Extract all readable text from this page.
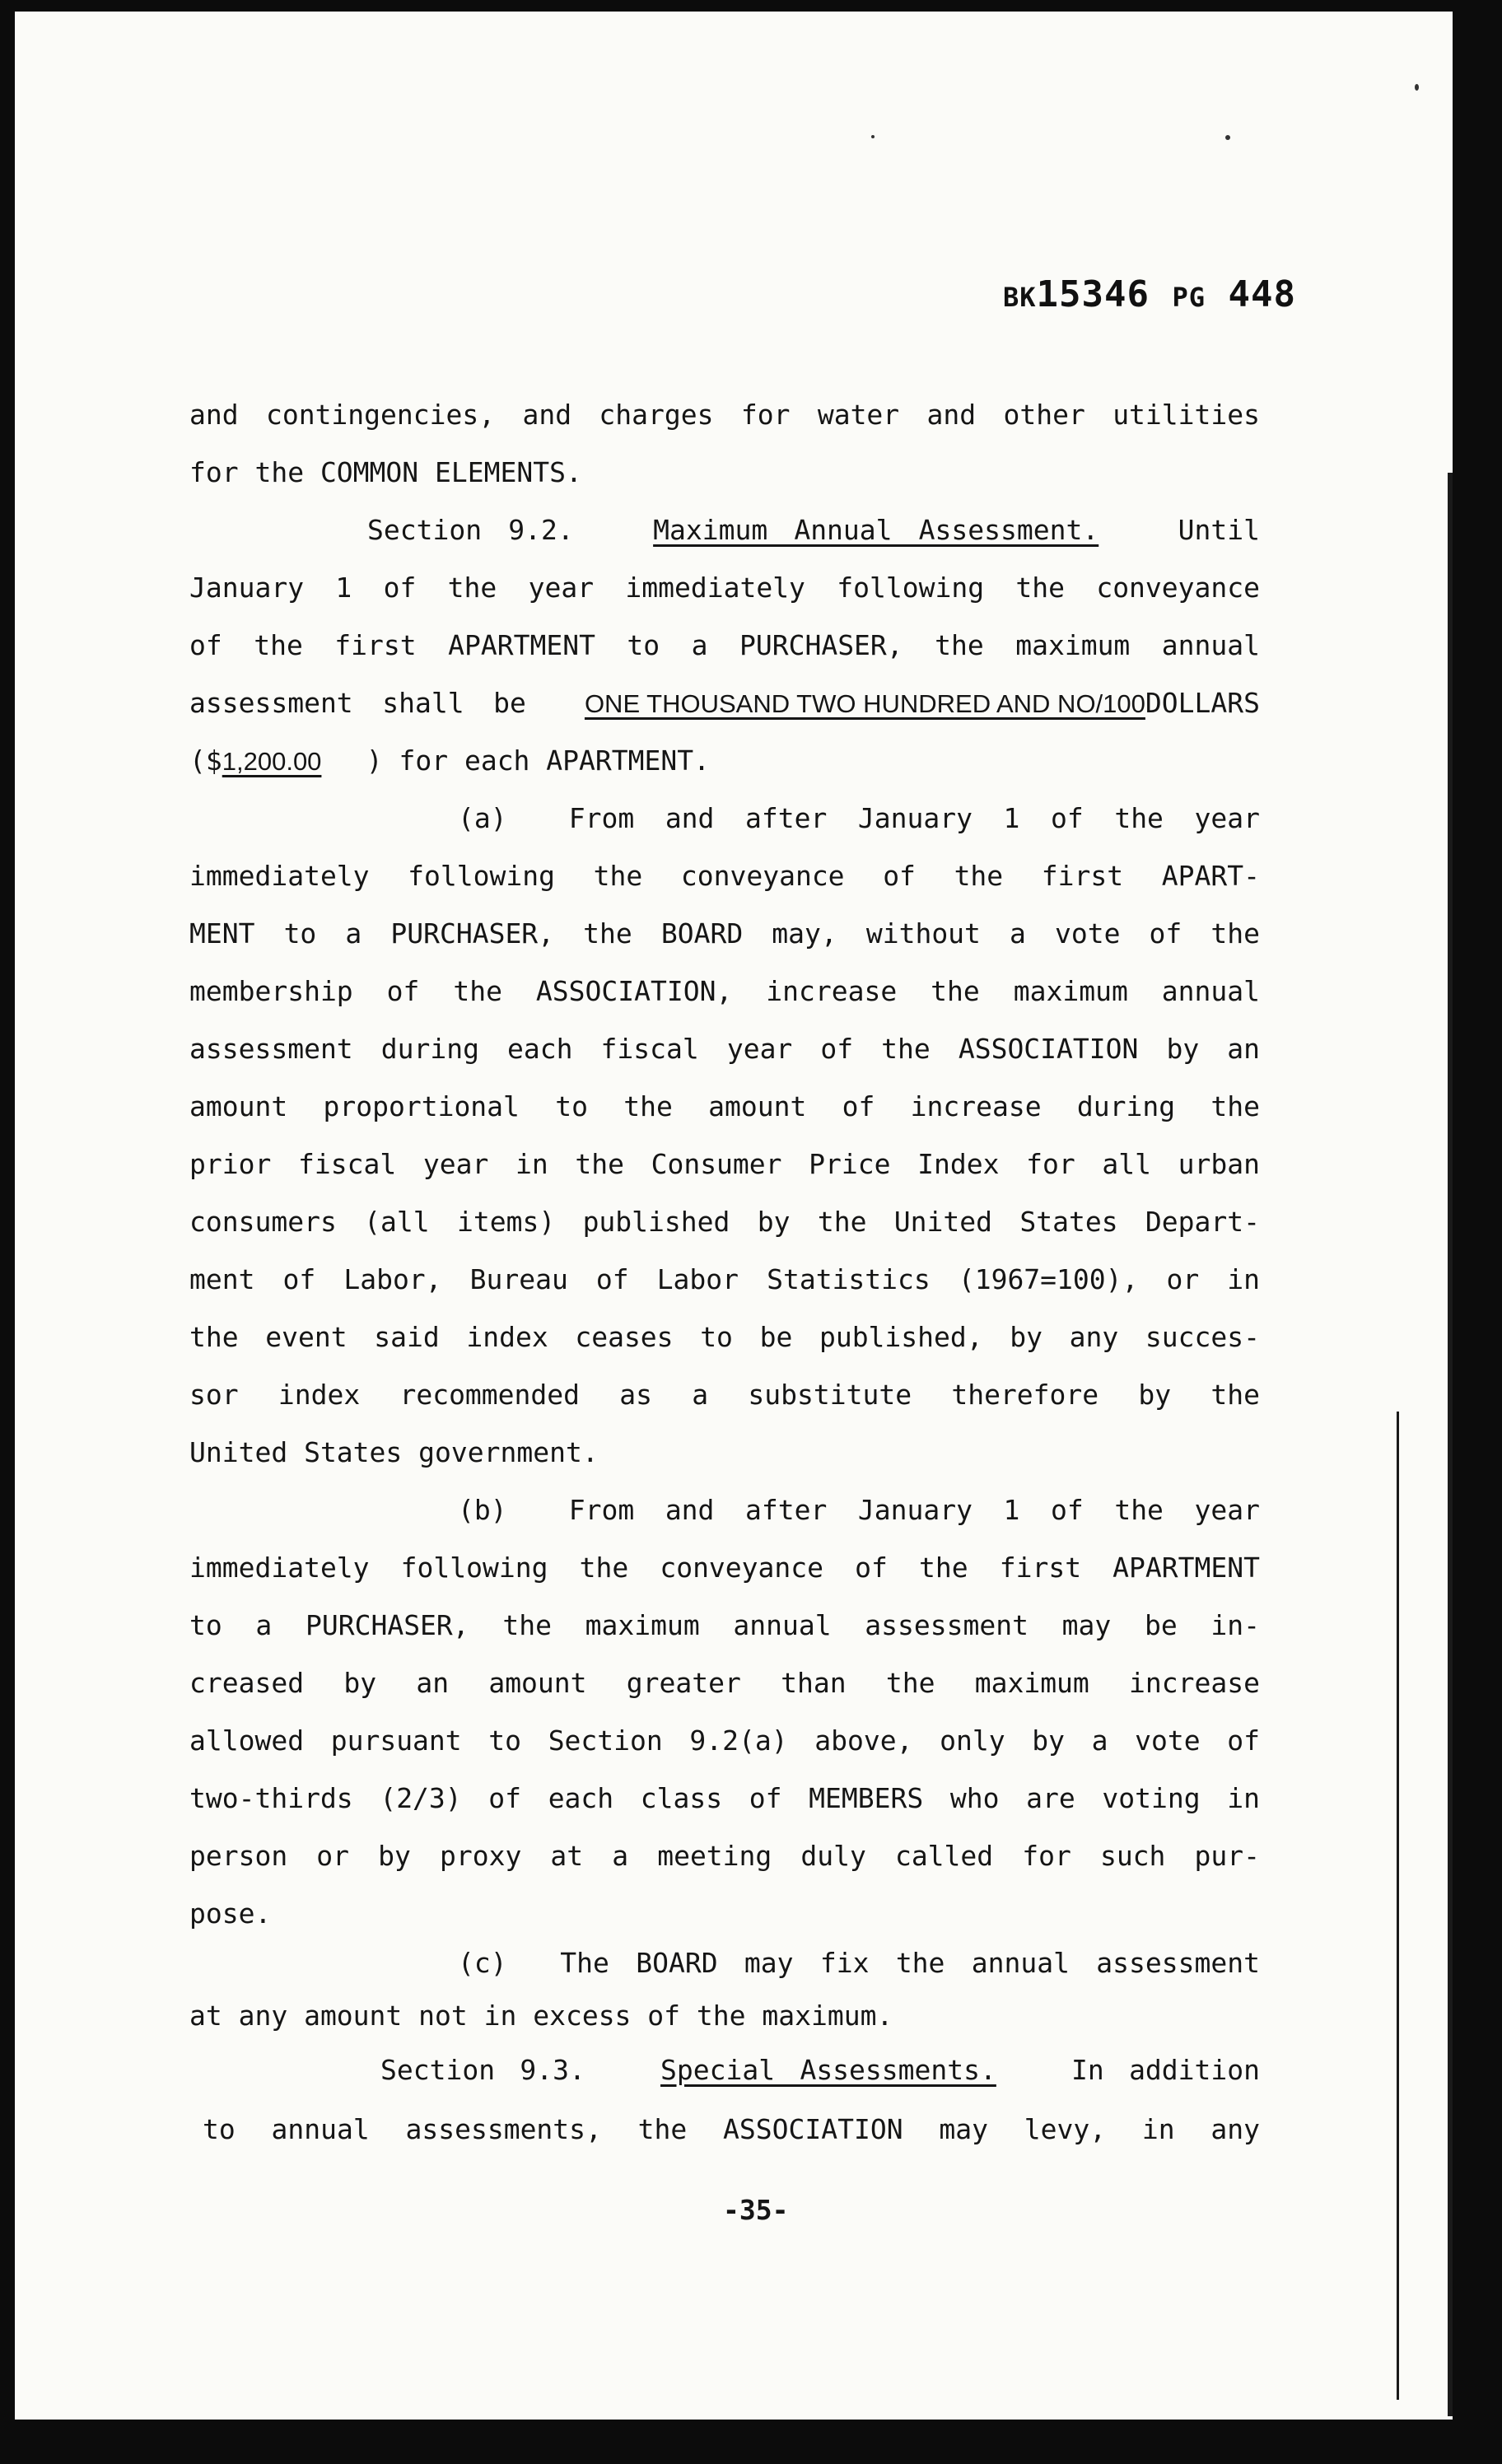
BK15346 PG 448
and contingencies, and charges for water and other utilities
for the COMMON ELEMENTS.
Section 9.2.	Maximum Annual Assessment.	Until
January 1 of the year immediately following the conveyance
of the first APARTMENT to a PURCHASER, the maximum annual
assessment shall be ONE THOUSAND TWO HUNDRED AND NO/100DOLLARS
($1,200.00 ) for each APARTMENT.
(a) From and after January 1 of the year
immediately following the conveyance of the first APART-
MENT to a PURCHASER, the BOARD may, without a vote of the
membership of the ASSOCIATION, increase the maximum annual
assessment during each fiscal year of the ASSOCIATION by an
amount proportional to the amount of increase during the
prior fiscal year in the Consumer Price Index for all urban
consumers (all items) published by the United States Depart-
ment of Labor, Bureau of Labor Statistics (1967=100), or in
the event said index ceases to be published, by any succes-
sor index recommended as a substitute therefore by the
United States government.
(b) From and after January 1 of the year
immediately following the conveyance of the first APARTMENT
to a PURCHASER, the maximum annual assessment may be in-
creased by an amount greater than the maximum increase
allowed pursuant to Section 9.2(a) above, only by a vote of
two-thirds (2/3) of each class of MEMBERS who are voting in
person or by proxy at a meeting duly called for such pur-
pose.
(c) The BOARD may fix the annual assessment
at any amount not in excess of the maximum.
Section 9.3.	Special Assessments.	In addition
to annual assessments, the ASSOCIATION may levy, in any
-35-
